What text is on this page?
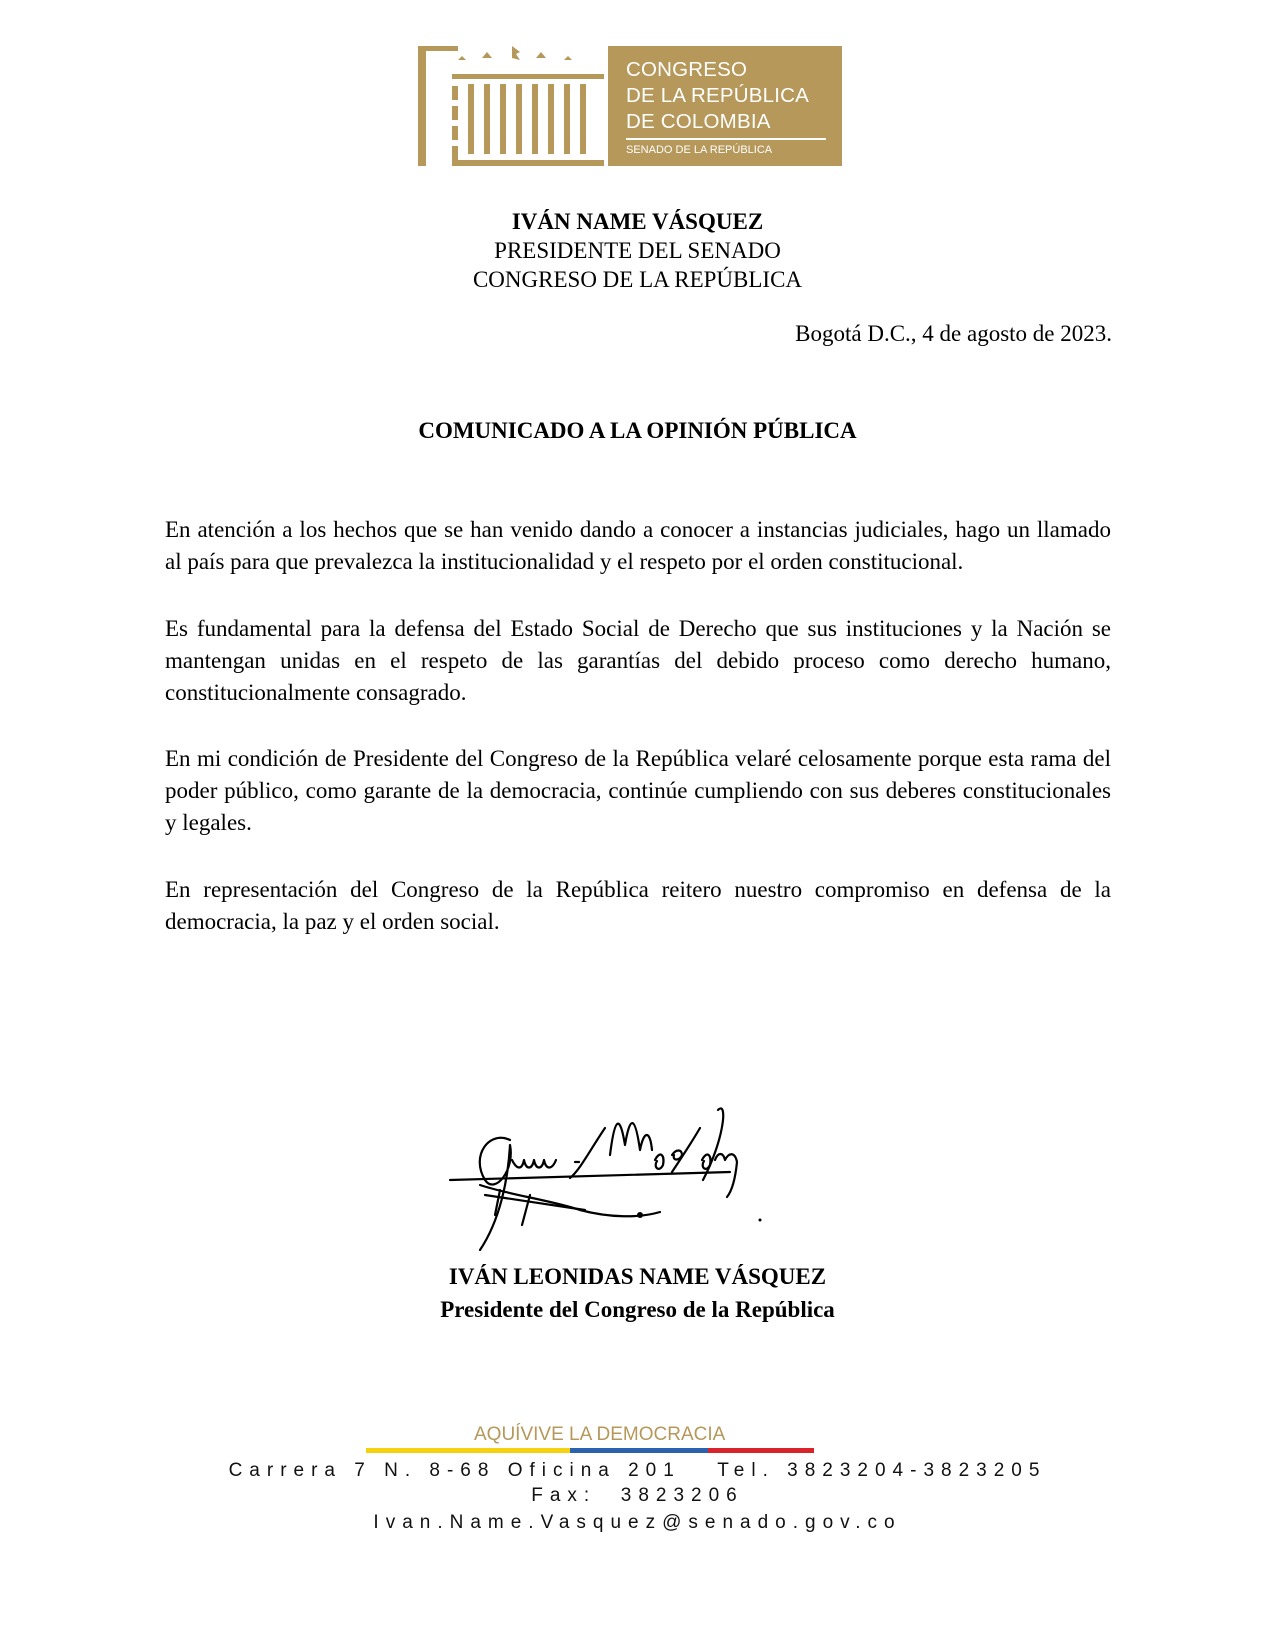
CONGRESO
DE LA REPÚBLICA
DE COLOMBIA
SENADO DE LA REPÚBLICA
IVÁN NAME VÁSQUEZ
PRESIDENTE DEL SENADO
CONGRESO DE LA REPÚBLICA
Bogotá D.C., 4 de agosto de 2023.
COMUNICADO A LA OPINIÓN PÚBLICA

En atención a los hechos que se han venido dando a conocer a instancias judiciales, hago un llamado al país para que prevalezca la institucionalidad y el respeto por el orden constitucional.

Es fundamental para la defensa del Estado Social de Derecho que sus instituciones y la Nación se mantengan unidas en el respeto de las garantías del debido proceso como derecho humano, constitucionalmente consagrado.

En mi condición de Presidente del Congreso de la República velaré celosamente porque esta rama del poder público, como garante de la democracia, continúe cumpliendo con sus deberes constitucionales y legales.

En representación del Congreso de la República reitero nuestro compromiso en defensa de la democracia, la paz y el orden social.

IVÁN LEONIDAS NAME VÁSQUEZ
Presidente del Congreso de la República
AQUÍVIVE LA DEMOCRACIA
Carrera 7 N. 8-68 Oficina 201   Tel. 3823204-3823205
Fax:  3823206
Ivan.Name.Vasquez@senado.gov.co
